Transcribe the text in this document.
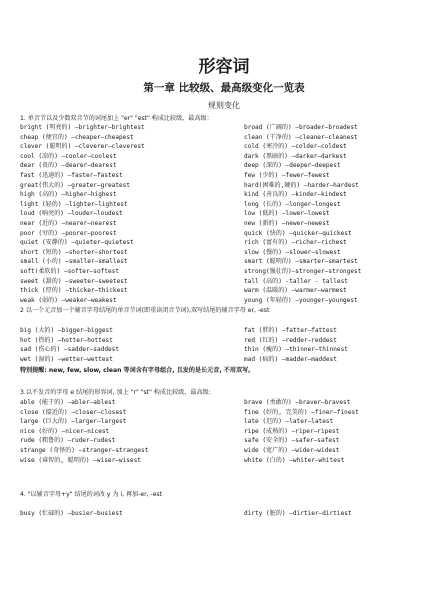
形容词
第一章 比较级、最高级变化一览表
规则变化
1. 单音节以及少数双音节的词尾加上 "er" "est" 构成比较级、最高级：
bright (明亮的) —brighter—brightest
cheap (便宜的) —cheaper—cheapest
clever (聪明的) —cleverer—cleverest
cool (凉的) —cooler—coolest
dear (贵的) —dearer—dearest
fast (迅速的) —faster—fastest
great(伟大的) —greater—greatest
high (高的) —higher—highest
light (轻的) —lighter—lightest
loud (响亮的) —louder—loudest
near (近的) —nearer—nearest
poor (穷的) —poorer—poorest
quiet (安静的) —quieter—quietest
short (短的) —shorter—shortest
small (小的) —smaller—smallest
soft(柔软的) —softer—softest
sweet (甜的) —sweeter—sweetest
thick (厚的) —thicker—thickest
weak (弱的) —weaker—weakest
broad (广阔的) —broader—broadest
clean (干净的) —cleaner—cleanest
cold (寒冷的) —colder—coldest
dark (黑暗的) —darker—darkest
deep (深的) —deeper—deepest
few (少的) —fewer—fewest
hard(困难的,硬的) —harder—hardest
kind (善良的) —kinder—kindest
long (长的) —longer—longest
low (低的) —lower—lowest
new (新的) —newer—newest
quick (快的) —quicker—quickest
rich (富有的) —richer—richest
slow (慢的) —slower—slowest
smart (聪明的) —smarter—smartest
strong(强壮的)—stronger—strongest
tall (高的) -taller - tallest
warm (温暖的) —warmer—warmest
young (年轻的) —younger—youngest
2 以一个元音加一个辅音字母结尾的单音节词(即重读闭音节词),双写结尾的辅音字母 er, -est
big (大的) —bigger—biggest
hot (热的) —hotter—hottest
sad (伤心的) —sadder—saddest
wet (湿的) —wetter—wettest
fat (胖的) —fatter—fattest
red (红的) —redder—reddest
thin (瘦的) —thinner—thinnest
mad (疯的) —madder—maddest
特别提醒: new, few, slow, clean 等词含有字母组合, 且发的是长元音, 不用双写。
3.以不发音的字母 e 结尾的形容词, 加上 "r" "st" 构成比较级、最高级:
able (能干的) —abler—ablest
close (接近的) —closer—closest
large (巨大的) —larger—largest
nice (好的) —nicer—nicest
rude (粗鲁的) —ruder—rudest
strange (奇怪的) —stranger—strangest
wise (睿智的, 聪明的) —wiser—wisest
brave (勇敢的) —braver—bravest
fine (好的, 完美的) —finer—finest
late (迟的) —later—latest
ripe (成熟的) —riper—ripest
safe (安全的) —safer—safest
wide (宽广的) —wider—widest
white (白的) —whiter—whitest
4. "以辅音字母+y" 结尾的词改 y 为 i, 再加-er, -est
busy (忙碌的) —busier—busiest	dirty (脏的) —dirtier—dirtiest
